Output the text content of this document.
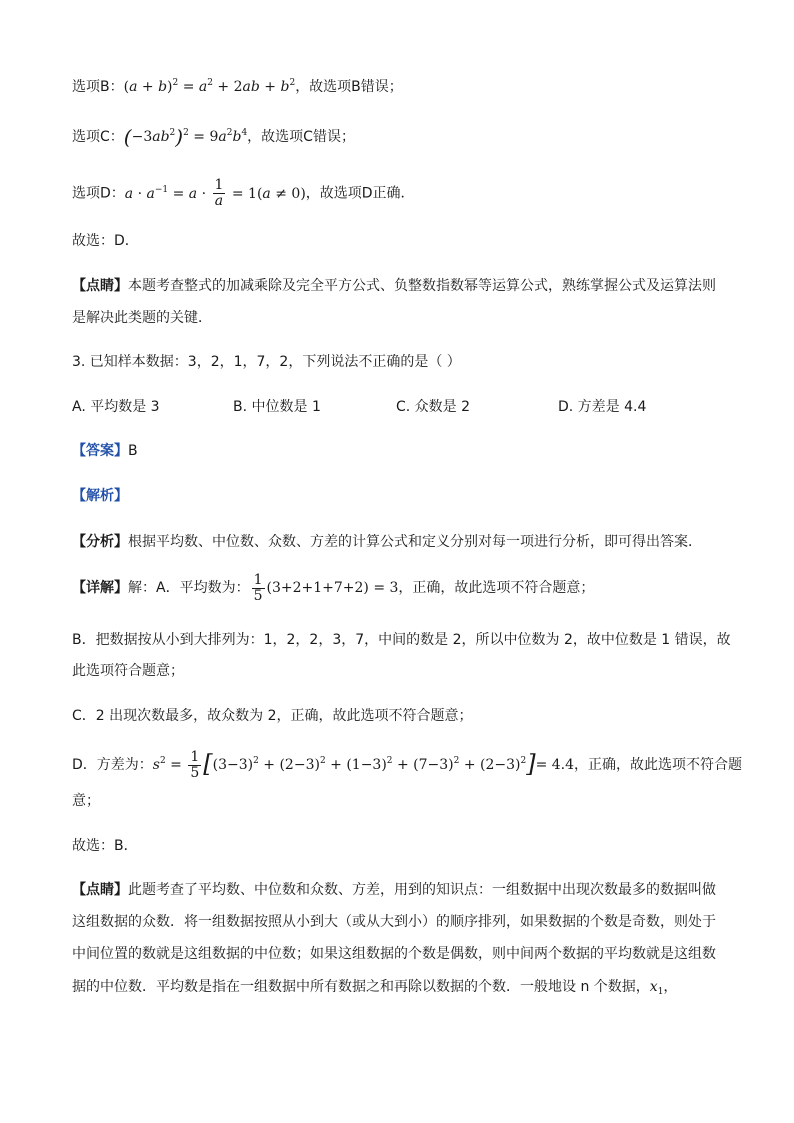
选项B：$(a + b)^2 = a^2 + 2ab + b^2$，故选项B错误；
选项C：$(-3ab^2)^2 = 9a^2b^4$，故选项C错误；
选项D：$a \cdot a^{-1} = a \cdot \frac{1}{a} = 1(a \ne 0)$，故选项D正确．
故选：D．
【点睛】本题考查整式的加减乘除及完全平方公式、负整数指数幂等运算公式，熟练掌握公式及运算法则
是解决此类题的关键．
3. 已知样本数据：3，2，1，7，2，下列说法不正确的是（ ）
A. 平均数是 3	B. 中位数是 1	C. 众数是 2	D. 方差是 4.4
【答案】B
【解析】
【分析】根据平均数、中位数、众数、方差的计算公式和定义分别对每一项进行分析，即可得出答案．
【详解】解：A．平均数为： $\frac{1}{5} (3+2+1+7+2) = 3$，正确，故此选项不符合题意；
B．把数据按从小到大排列为：1，2，2，3，7，中间的数是 2，所以中位数为 2，故中位数是 1 错误，故
此选项符合题意；
C．2 出现次数最多，故众数为 2，正确，故此选项不符合题意；
D．方差为：$s^2 = \frac{1}{5} [(3-3)^2 + (2-3)^2 + (1-3)^2 + (7-3)^2 + (2-3)^2]= 4.4$，正确，故此选项不符合题
意；
故选：B．
【点睛】此题考查了平均数、中位数和众数、方差，用到的知识点：一组数据中出现次数最多的数据叫做
这组数据的众数．将一组数据按照从小到大（或从大到小）的顺序排列，如果数据的个数是奇数，则处于
中间位置的数就是这组数据的中位数；如果这组数据的个数是偶数，则中间两个数据的平均数就是这组数
据的中位数．平均数是指在一组数据中所有数据之和再除以数据的个数．一般地设 n 个数据，$x_1$，
